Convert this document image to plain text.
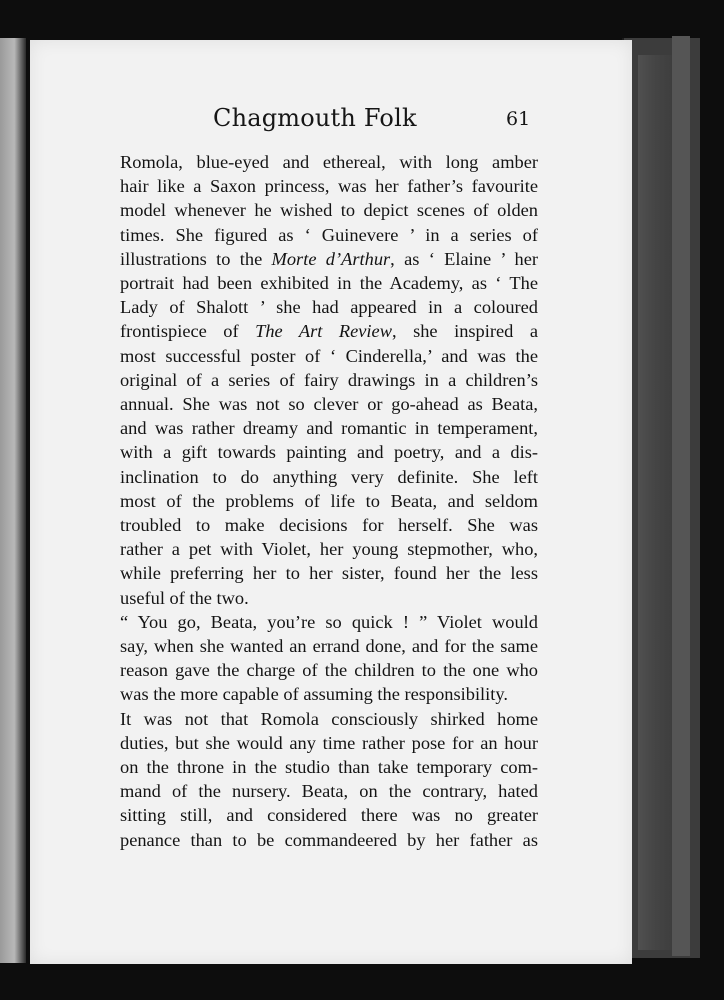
Chagmouth Folk	61
Romola, blue-eyed and ethereal, with long amber
hair like a Saxon princess, was her father’s favourite
model whenever he wished to depict scenes of olden
times. She figured as ‘ Guinevere ’ in a series of
illustrations to the Morte d’Arthur, as ‘ Elaine ’ her
portrait had been exhibited in the Academy, as ‘ The
Lady of Shalott ’ she had appeared in a coloured
frontispiece of The Art Review, she inspired a
most successful poster of ‘ Cinderella,’ and was the
original of a series of fairy drawings in a children’s
annual. She was not so clever or go-ahead as Beata,
and was rather dreamy and romantic in temperament,
with a gift towards painting and poetry, and a dis-
inclination to do anything very definite. She left
most of the problems of life to Beata, and seldom
troubled to make decisions for herself. She was
rather a pet with Violet, her young stepmother, who,
while preferring her to her sister, found her the less
useful of the two.
“ You go, Beata, you’re so quick ! ” Violet would
say, when she wanted an errand done, and for the same
reason gave the charge of the children to the one who
was the more capable of assuming the responsibility.
It was not that Romola consciously shirked home
duties, but she would any time rather pose for an hour
on the throne in the studio than take temporary com-
mand of the nursery. Beata, on the contrary, hated
sitting still, and considered there was no greater
penance than to be commandeered by her father as
